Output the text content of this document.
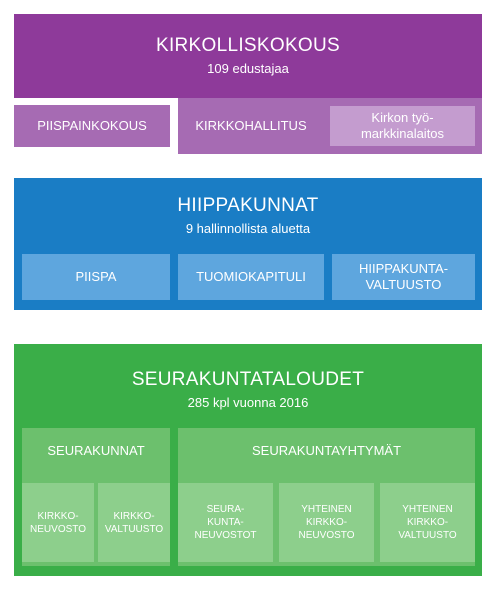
KIRKOLLISKOKOUS
109 edustajaa
PIISPAINKOKOUS	KIRKKOHALLITUS
Kirkon työ-markkinalaitos
HIIPPAKUNNAT
9 hallinnollista aluetta
PIISPA	TUOMIOKAPITULI
HIIPPAKUNTA-
VALTUUSTO
SEURAKUNTATALOUDET
285 kpl vuonna 2016
SEURAKUNNAT
KIRKKO-
NEUVOSTO
KIRKKO-
VALTUUSTO
SEURAKUNTAYHTYMÄT
SEURA-
KUNTA-
NEUVOSTOT
YHTEINEN
KIRKKO-
NEUVOSTO
YHTEINEN
KIRKKO-
VALTUUSTO
